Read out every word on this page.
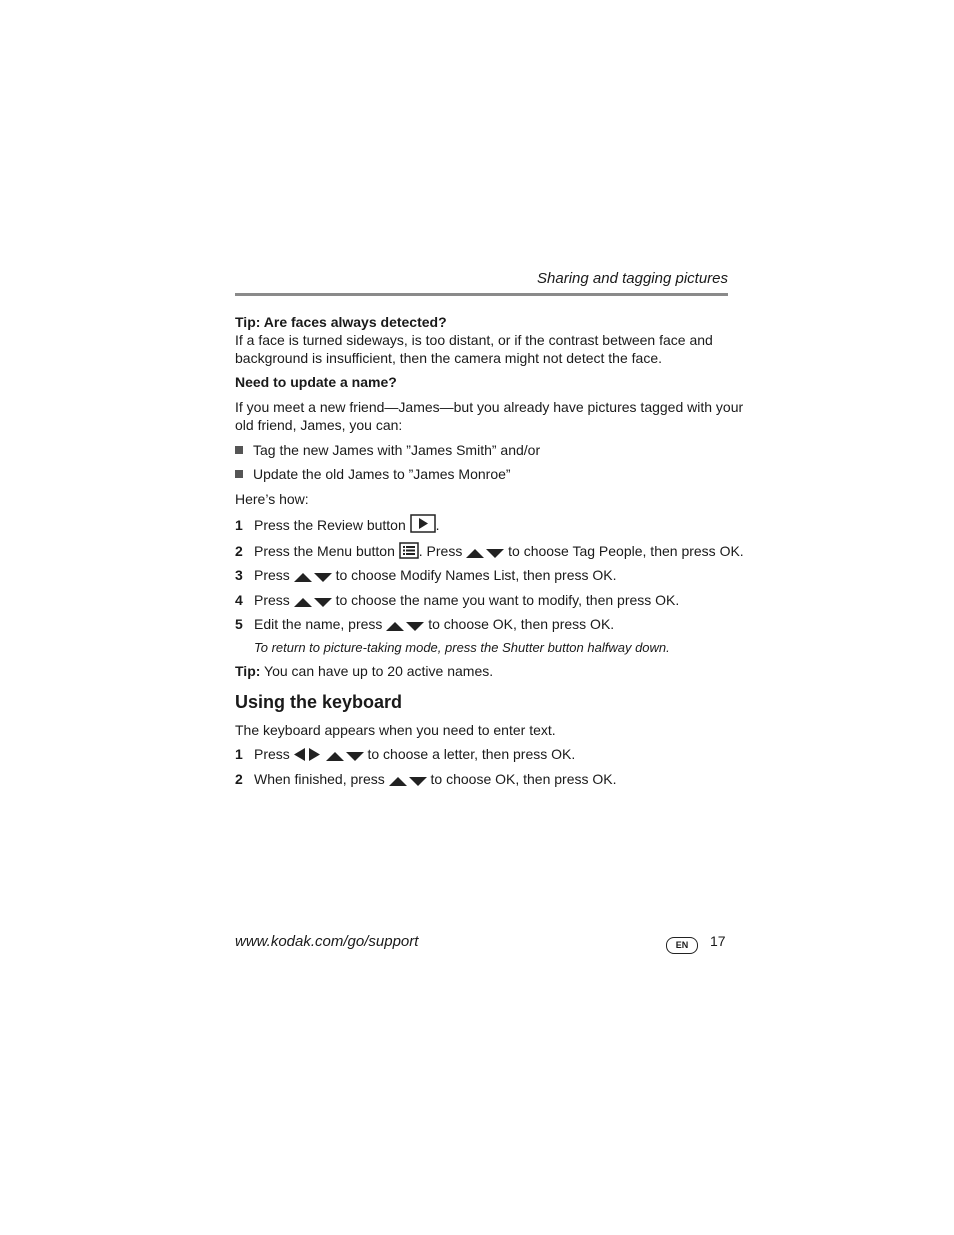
Sharing and tagging pictures
Tip: Are faces always detected?
If a face is turned sideways, is too distant, or if the contrast between face and
background is insufficient, then the camera might not detect the face.
Need to update a name?
If you meet a new friend—James—but you already have pictures tagged with your
old friend, James, you can:
Tag the new James with ”James Smith” and/or
Update the old James to ”James Monroe”
Here’s how:
1 Press the Review button .
2 Press the Menu button . Press	to choose Tag People, then press OK.
3 Press	to choose Modify Names List, then press OK.
4 Press	to choose the name you want to modify, then press OK.
5 Edit the name, press	to choose OK, then press OK.
To return to picture-taking mode, press the Shutter button halfway down.
Tip: You can have up to 20 active names.
Using the keyboard
The keyboard appears when you need to enter text.
1 Press	to choose a letter, then press OK.
2 When finished, press	to choose OK, then press OK.
www.kodak.com/go/support	EN	17
